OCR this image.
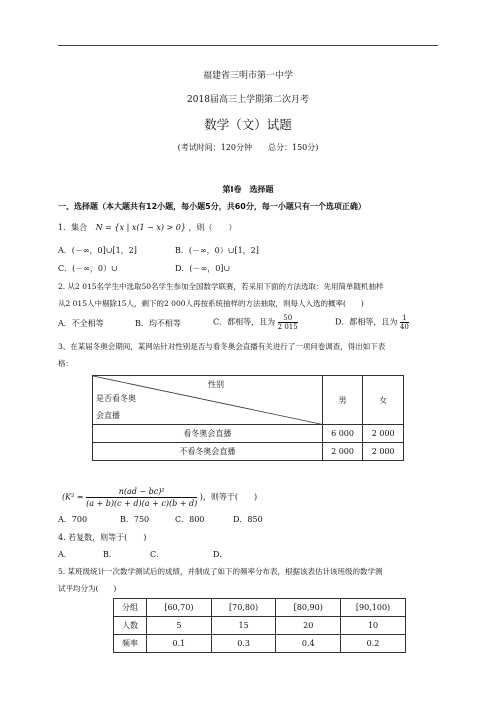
福建省三明市第一中学
2018届高三上学期第二次月考
数学（文）试题
(考试时间：120分钟　　总分：150分)
第I卷　选择题
一、选择题（本大题共有12小题，每小题5分，共60分，每一小题只有一个选项正确）
1．集合 N = {x | x(1 − x) > 0} ，则（　　）
A．(－∞，0]∪[1，2]	B．(－∞，0）∪[1，2]
C．(－∞，0）∪	D．(－∞，0]∪
2. 从2 015名学生中选取50名学生参加全国数学联赛，若采用下面的方法选取：先用简单随机抽样
从2 015人中剔除15人，剩下的2 000人再按系统抽样的方法抽取，则每人入选的概率(　　)
A．不全相等	B．均不相等	C．都相等，且为 $\frac{50}{2 015}$	D．都相等，且为 $\frac{1}{40}$
3、在某届冬奥会期间，某网站针对性别是否与看冬奥会直播有关进行了一项问卷调查，得出如下表
格：
性别
是否看冬奥
会直播	男	女
看冬奥会直播	6 000	2 000
不看冬奥会直播	2 000	2 000
($K^2 = \frac{\text{n(ad − bc)²}}{(a + b)(c + d)(a + c)(b + d)}$ )，则等于(　　)
A．700	B．750	C．800	D．850
4. 若复数，则等于(　　)
A．	B．	C．	D．
5. 某班级统计一次数学测试后的成绩，并制成了如下的频率分布表，根据该表估计该班级的数学测
试平均分为(　　)
分组	[60,70)	[70,80)	[80,90)	[90,100)
人数	5	15	20	10
频率	0.1	0.3	0.4	0.2
